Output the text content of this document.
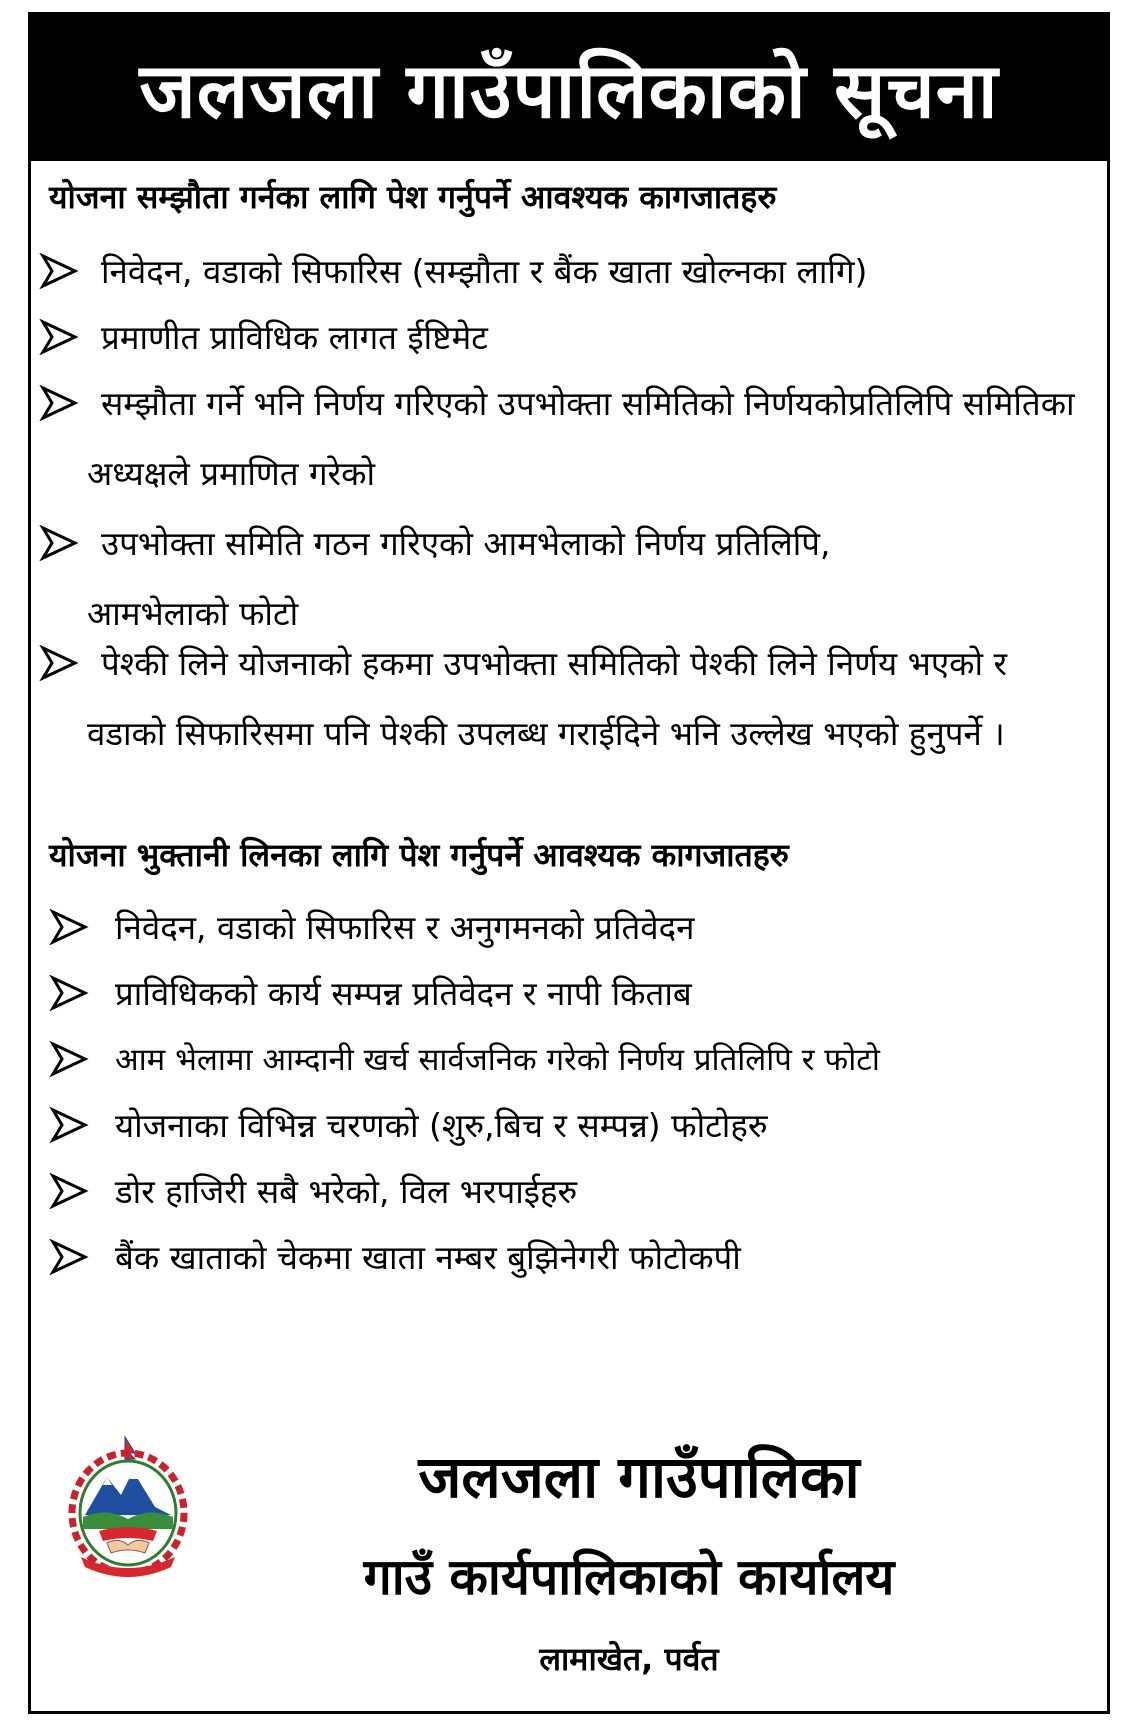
जलजला गाउँपालिकाको सूचना
योजना सम्झौता गर्नका लागि पेश गर्नुपर्ने आवश्यक कागजातहरु
निवेदन, वडाको सिफारिस (सम्झौता र बैंक खाता खोल्नका लागि)
प्रमाणीत प्राविधिक लागत ईष्टिमेट
सम्झौता गर्ने भनि निर्णय गरिएको उपभोक्ता समितिको निर्णयकोप्रतिलिपि समितिका अध्यक्षले प्रमाणित गरेको
उपभोक्ता समिति गठन गरिएको आमभेलाको निर्णय प्रतिलिपि, आमभेलाको फोटो
पेश्की लिने योजनाको हकमा उपभोक्ता समितिको पेश्की लिने निर्णय भएको र वडाको सिफारिसमा पनि पेश्की उपलब्ध गराईदिने भनि उल्लेख भएको हुनुपर्ने ।
योजना भुक्तानी लिनका लागि पेश गर्नुपर्ने आवश्यक कागजातहरु
निवेदन, वडाको सिफारिस र अनुगमनको प्रतिवेदन
प्राविधिकको कार्य सम्पन्न प्रतिवेदन र नापी किताब
आम भेलामा आम्दानी खर्च सार्वजनिक गरेको निर्णय प्रतिलिपि र फोटो
योजनाका विभिन्न चरणको (शुरु,बिच र सम्पन्न) फोटोहरु
डोर हाजिरी सबै भरेको, विल भरपाईहरु
बैंक खाताको चेकमा खाता नम्बर बुझिनेगरी फोटोकपी
जलजला गाउँपालिका
गाउँ कार्यपालिकाको कार्यालय

लामाखेत, पर्वत
